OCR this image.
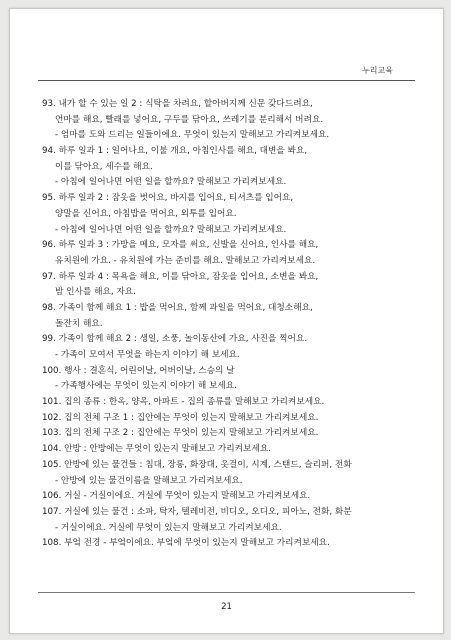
누리교육
93. 내가 할 수 있는 일 2 : 식탁을 차려요, 할아버지께 신문 갖다드려요,
언마를 해요, 빨래를 넣어요, 구두를 닦아요, 쓰레기를 분리해서 버려요.
- 엄마를 도와 드리는 일들이에요. 무엇이 있는지 말해보고 가리켜보세요.
94. 하루 일과 1 : 일어나요, 이불 개요, 아침인사를 해요, 대변을 봐요,
이를 닦아요, 세수를 해요.
- 아침에 일어나면 어떤 일을 할까요? 말해보고 가리켜보세요.
95. 하루 일과 2 : 잠옷을 벗어요, 바지를 입어요, 티셔츠를 입어요,
양말을 신어요, 아침밥을 먹어요, 외투를 입어요.
- 아침에 일어나면 어떤 일을 할까요? 말해보고 가리켜보세요.
96. 하루 일과 3 : 가방을 메요, 모자를 써요, 신발을 신어요, 인사를 해요,
유치원에 가요. - 유치원에 가는 준비를 해요. 말해보고 가리켜보세요.
97. 하루 일과 4 : 목욕을 해요, 이를 닦아요, 잠옷을 입어요, 소변을 봐요,
밤 인사를 해요, 자요.
98. 가족이 함께 해요 1 : 밥을 먹어요, 함께 과일을 먹어요, 대청소해요,
돌잔치 해요.
99. 가족이 함께 해요 2 : 생일, 소풍, 놀이동산에 가요, 사진을 찍어요.
- 가족이 모여서 무엇을 하는지 이야기 해 보세요.
100. 행사 : 결혼식, 어린이날, 어버이날, 스승의 날
- 가족행사에는 무엇이 있는지 이야기 해 보세요.
101. 집의 종류 : 한옥, 양옥, 아파트 - 집의 종류를 말해보고 가리켜보세요.
102. 집의 전체 구조 1 : 집안에는 무엇이 있는지 말해보고 가리켜보세요.
103. 집의 전체 구조 2 : 집안에는 무엇이 있는지 말해보고 가리켜보세요.
104. 안방 : 안방에는 무엇이 있는지 말해보고 가리켜보세요.
105. 안방에 있는 물건들 : 침대, 장롱, 화장대, 옷걸이, 시계, 스탠드, 슬리퍼, 전화
- 안방에 있는 물건이름을 말해보고 가리켜보세요.
106. 거실 - 거실이에요. 거실에 무엇이 있는지 말해보고 가리켜보세요.
107. 거실에 있는 물건 : 소파, 탁자, 텔레비전, 비디오, 오디오, 피아노, 전화, 화분
- 거실이에요. 거실에 무엇이 있는지 말해보고 가리켜보세요.
108. 부엌 전경 - 부엌이에요. 부엌에 무엇이 있는지 말해보고 가리켜보세요.
21
